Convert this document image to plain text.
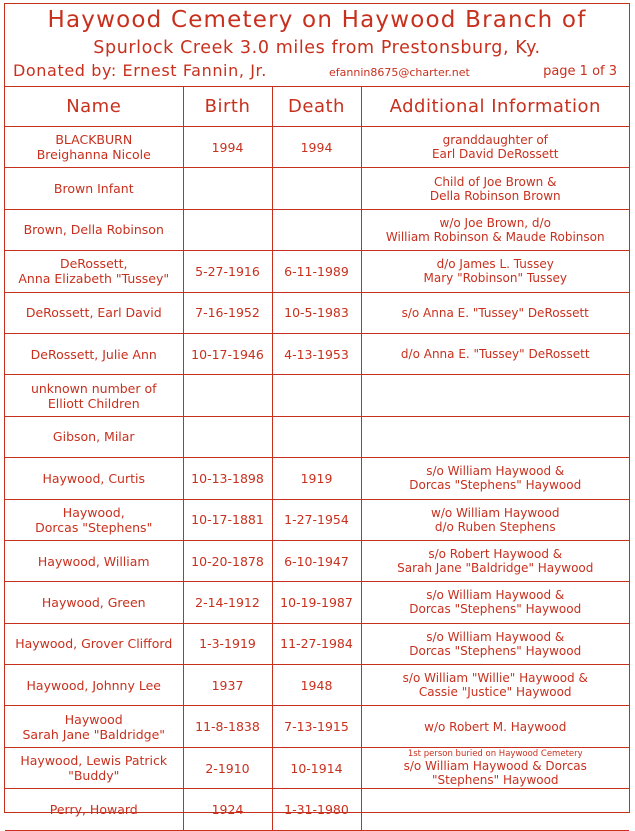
Haywood Cemetery on Haywood Branch of
Spurlock Creek 3.0 miles from Prestonsburg, Ky.
Donated by: Ernest Fannin, Jr.	efannin8675@charter.net	page 1 of 3
Name	Birth	Death	Additional Information

BLACKBURN
Breighanna Nicole	1994	1994	granddaughter of
Earl David DeRossett

Brown Infant			Child of Joe Brown &
Della Robinson Brown

Brown, Della Robinson			w/o Joe Brown, d/o
William Robinson & Maude Robinson

DeRossett,
Anna Elizabeth "Tussey"	5-27-1916	6-11-1989	d/o James L. Tussey
Mary "Robinson" Tussey

DeRossett, Earl David	7-16-1952	10-5-1983	s/o Anna E. "Tussey" DeRossett

DeRossett, Julie Ann	10-17-1946	4-13-1953	d/o Anna E. "Tussey" DeRossett

unknown number of
Elliott Children			

Gibson, Milar			

Haywood, Curtis	10-13-1898	1919	s/o William Haywood &
Dorcas "Stephens" Haywood

Haywood,
Dorcas "Stephens"	10-17-1881	1-27-1954	w/o William Haywood
d/o Ruben Stephens

Haywood, William	10-20-1878	6-10-1947	s/o Robert Haywood &
Sarah Jane "Baldridge" Haywood

Haywood, Green	2-14-1912	10-19-1987	s/o William Haywood &
Dorcas "Stephens" Haywood

Haywood, Grover Clifford	1-3-1919	11-27-1984	s/o William Haywood &
Dorcas "Stephens" Haywood

Haywood, Johnny Lee	1937	1948	s/o William "Willie" Haywood &
Cassie "Justice" Haywood

Haywood
Sarah Jane "Baldridge"	11-8-1838	7-13-1915	w/o Robert M. Haywood

Haywood, Lewis Patrick
"Buddy"	2-1910	10-1914	1st person buried on Haywood Cemetery
s/o William Haywood & Dorcas
"Stephens" Haywood

Perry, Howard	1924	1-31-1980	
